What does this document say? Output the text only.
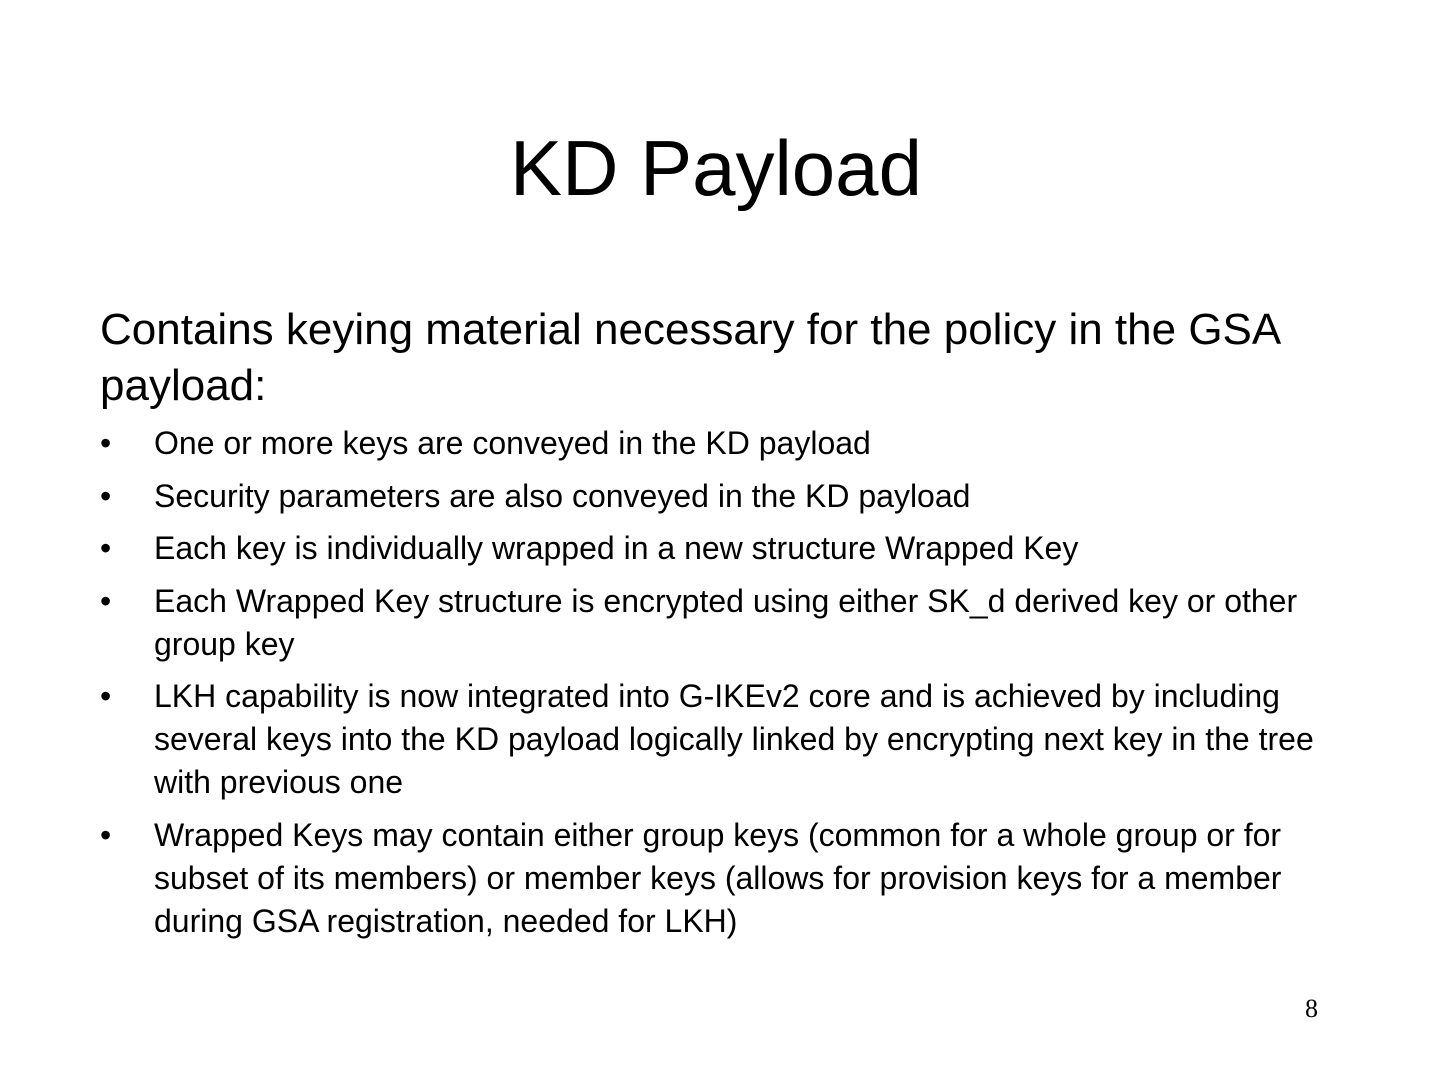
KD Payload

Contains keying material necessary for the policy in the GSA payload:

• One or more keys are conveyed in the KD payload
• Security parameters are also conveyed in the KD payload
• Each key is individually wrapped in a new structure Wrapped Key
• Each Wrapped Key structure is encrypted using either SK_d derived key or other group key
• LKH capability is now integrated into G-IKEv2 core and is achieved by including several keys into the KD payload logically linked by encrypting next key in the tree with previous one
• Wrapped Keys may contain either group keys (common for a whole group or for subset of its members) or member keys (allows for provision keys for a member during GSA registration, needed for LKH)
8
